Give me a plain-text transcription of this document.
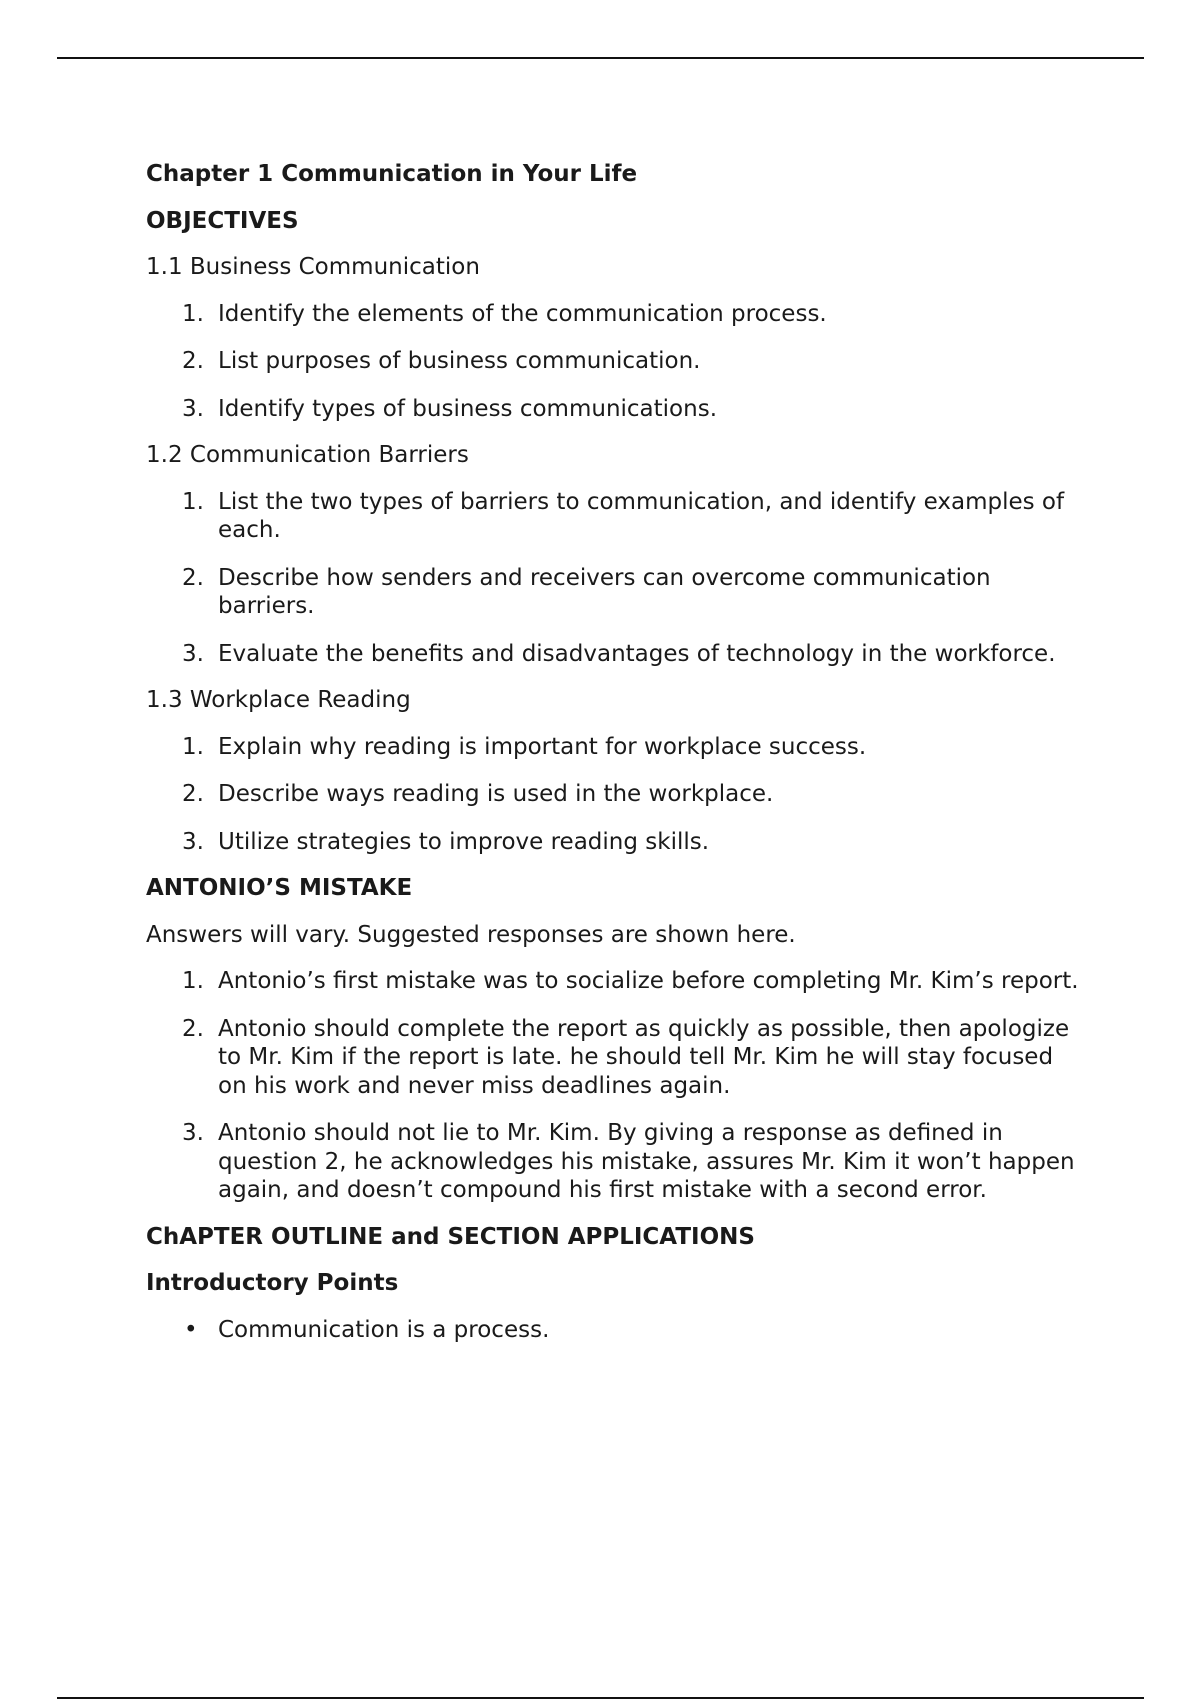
Chapter 1 Communication in Your Life

OBJECTIVES

1.1 Business Communication

1. Identify the elements of the communication process.
2. List purposes of business communication.
3. Identify types of business communications.

1.2 Communication Barriers

1. List the two types of barriers to communication, and identify examples of each.
2. Describe how senders and receivers can overcome communication barriers.
3. Evaluate the benefits and disadvantages of technology in the workforce.

1.3 Workplace Reading

1. Explain why reading is important for workplace success.
2. Describe ways reading is used in the workplace.
3. Utilize strategies to improve reading skills.

ANTONIO’S MISTAKE

Answers will vary. Suggested responses are shown here.

1. Antonio’s first mistake was to socialize before completing Mr. Kim’s report.
2. Antonio should complete the report as quickly as possible, then apologize to Mr. Kim if the report is late. he should tell Mr. Kim he will stay focused on his work and never miss deadlines again.
3. Antonio should not lie to Mr. Kim. By giving a response as defined in question 2, he acknowledges his mistake, assures Mr. Kim it won’t happen again, and doesn’t compound his first mistake with a second error.

ChAPTER OUTLINE and SECTION APPLICATIONS

Introductory Points

• Communication is a process.
